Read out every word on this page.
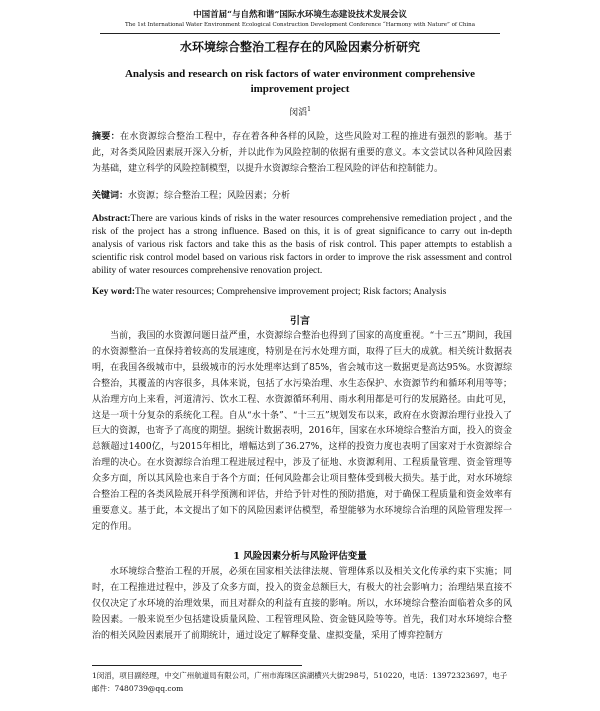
中国首届“与自然和谐”国际水环境生态建设技术发展会议
The 1st International Water Environment Ecological Construction Development Conference “Harmony with Nature” of China
水环境综合整治工程存在的风险因素分析研究
Analysis and research on risk factors of water environment comprehensive improvement project
闵滔$^1$
摘要：在水资源综合整治工程中，存在着各种各样的风险，这些风险对工程的推进有强烈的影响。基于此，对各类风险因素展开深入分析，并以此作为风险控制的依据有重要的意义。本文尝试以各种风险因素为基础，建立科学的风险控制模型，以提升水资源综合整治工程风险的评估和控制能力。
关键词：水资源；综合整治工程；风险因素；分析
Abstract:There are various kinds of risks in the water resources comprehensive remediation project , and the risk of the project has a strong influence. Based on this, it is of great significance to carry out in-depth analysis of various risk factors and take this as the basis of risk control. This paper attempts to establish a scientific risk control model based on various risk factors in order to improve the risk assessment and control ability of water resources comprehensive renovation project.
Key word:The water resources; Comprehensive improvement project; Risk factors; Analysis
引言

当前，我国的水资源问题日益严重，水资源综合整治也得到了国家的高度重视。“十三五”期间，我国的水资源整治一直保持着较高的发展速度，特别是在污水处理方面，取得了巨大的成就。相关统计数据表明，在我国各级城市中，县级城市的污水处理率达到了85%，省会城市这一数据更是高达95%。水资源综合整治，其覆盖的内容很多，具体来说，包括了水污染治理、水生态保护、水资源节约和循环利用等等；从治理方向上来看，河道清污、饮水工程、水资源循环利用、雨水利用都是可行的发展路径。由此可见，这是一项十分复杂的系统化工程。自从“水十条”、“十三五”规划发布以来，政府在水资源治理行业投入了巨大的资源，也寄予了高度的期望。据统计数据表明，2016年，国家在水环境综合整治方面，投入的资金总额超过1400亿，与2015年相比，增幅达到了36.27%，这样的投资力度也表明了国家对于水资源综合治理的决心。在水资源综合治理工程进展过程中，涉及了征地、水资源利用、工程质量管理、资金管理等众多方面，所以其风险也来自于各个方面；任何风险都会让项目整体受到极大损失。基于此，对水环境综合整治工程的各类风险展开科学预测和评估，并给予针对性的预防措施，对于确保工程质量和资金效率有重要意义。基于此，本文提出了如下的风险因素评估模型，希望能够为水环境综合治理的风险管理发挥一定的作用。

1 风险因素分析与风险评估变量

水环境综合整治工程的开展，必须在国家相关法律法规、管理体系以及相关文化传承约束下实施；同时，在工程推进过程中，涉及了众多方面，投入的资金总额巨大，有极大的社会影响力；治理结果直接不仅仅决定了水环境的治理效果，而且对群众的利益有直接的影响。所以，水环境综合整治面临着众多的风险因素。一般来说至少包括建设质量风险、工程管理风险、资金链风险等等。首先，我们对水环境综合整治的相关风险因素展开了前期统计，通过设定了解释变量、虚拟变量，采用了博弈控制方

1闵滔，项目副经理，中交广州航道局有限公司，广州市海珠区滨湖横兴大街298号，510220，电话：13972323697，电子邮件：7480739@qq.com
